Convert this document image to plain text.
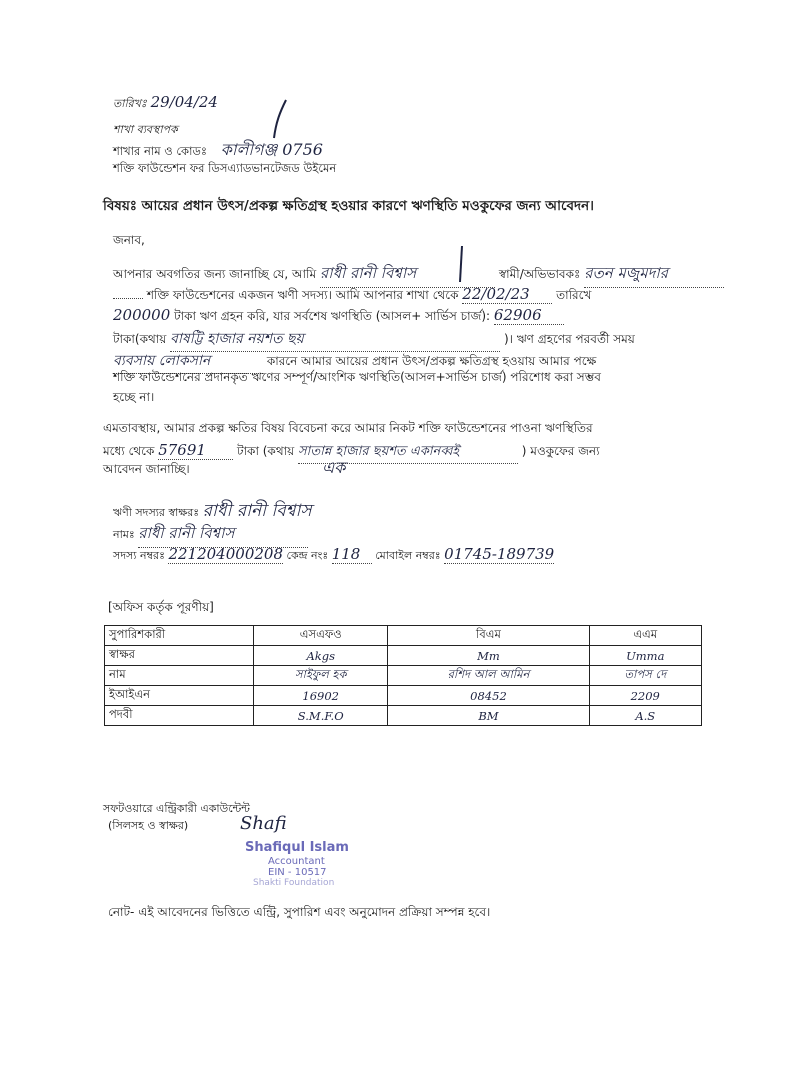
তারিখঃ 29/04/24
শাখা ব্যবস্থাপক
শাখার নাম ও কোডঃ কালীগঞ্জ 0756
শক্তি ফাউন্ডেশন ফর ডিসএ্যাডভানটেজড উইমেন
বিষয়ঃ আয়ের প্রধান উৎস/প্রকল্প ক্ষতিগ্রস্থ হওয়ার কারণে ঋণস্থিতি মওকুফের জন্য আবেদন।
জনাব,
আপনার অবগতির জন্য জানাচ্ছি যে, আমি রাধী রানী বিশ্বাস	স্বামী/অভিভাবকঃ রতন মজুমদার
শক্তি ফাউন্ডেশনের একজন ঋণী সদস্য। আমি আপনার শাখা থেকে 22/02/23 তারিখে
200000 টাকা ঋণ গ্রহন করি, যার সর্বশেষ ঋণস্থিতি (আসল+ সার্ভিস চার্জ): 62906
টাকা(কথায় বাষট্টি হাজার নয়শত ছয়	)। ঋণ গ্রহণের পরবর্তী সময়
ব্যবসায় লোকসান	কারনে আমার আয়ের প্রধান উৎস/প্রকল্প ক্ষতিগ্রস্থ হওয়ায় আমার পক্ষে
শক্তি ফাউন্ডেশনের প্রদানকৃত ঋণের সম্পূর্ণ/আংশিক ঋণস্থিতি(আসল+সার্ভিস চার্জ) পরিশোধ করা সম্ভব
হচ্ছে না।
এমতাবস্থায়, আমার প্রকল্প ক্ষতির বিষয় বিবেচনা করে আমার নিকট শক্তি ফাউন্ডেশনের পাওনা ঋণস্থিতির
মধ্যে থেকে 57691	টাকা (কথায় সাতান্ন হাজার ছয়শত একানব্বই	) মওকুফের জন্য
আবেদন জানাচ্ছি।	এক
ঋণী সদস্যর স্বাক্ষরঃ রাধী রানী বিশ্বাস
নামঃ রাধী রানী বিশ্বাস
সদস্য নম্বরঃ 221204000208 কেন্দ্র নংঃ 118 মোবাইল নম্বরঃ 01745-189739
[অফিস কর্তৃক পূরণীয়]
সুপারিশকারী	এসএফও	বিএম	এএম
স্বাক্ষর	Akgs	Mm	Umma
নাম	সাইফুল হক	রশিদ আল আমিন	তাপস দে
ইআইএন	16902	08452	2209
পদবী	S.M.F.O	BM	A.S
সফটওয়ারে এন্ট্রিকারী একাউন্টেন্ট
(সিলসহ ও স্বাক্ষর)	Shafi
Shafiqul Islam
Accountant
EIN - 10517
Shakti Foundation
নোট- এই আবেদনের ভিত্তিতে এন্ট্রি, সুপারিশ এবং অনুমোদন প্রক্রিয়া সম্পন্ন হবে।
